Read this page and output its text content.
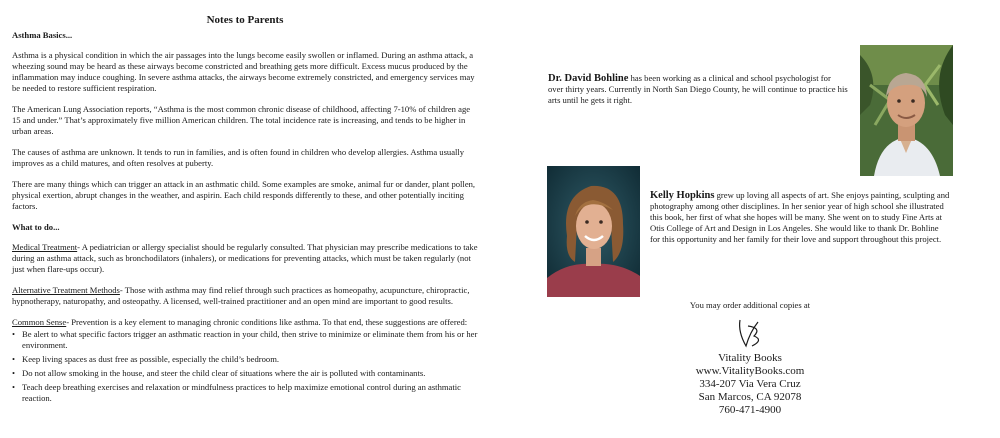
Notes to Parents
Asthma Basics...

Asthma is a physical condition in which the air passages into the lungs become easily swollen or inflamed. During an asthma attack, a wheezing sound may be heard as these airways become constricted and breathing gets more difficult. Excess mucus produced by the inflammation may induce coughing. In severe asthma attacks, the airways become extremely constricted, and emergency services may be needed to restore sufficient respiration.

The American Lung Association reports, “Asthma is the most common chronic disease of childhood, affecting 7-10% of children age 15 and under.” That’s approximately five million American children. The total incidence rate is increasing, and tends to be higher in urban areas.

The causes of asthma are unknown. It tends to run in families, and is often found in children who develop allergies. Asthma usually improves as a child matures, and often resolves at puberty.

There are many things which can trigger an attack in an asthmatic child. Some examples are smoke, animal fur or dander, plant pollen, physical exertion, abrupt changes in the weather, and aspirin. Each child responds differently to these, and other potentially inciting factors.

What to do...

Medical Treatment- A pediatrician or allergy specialist should be regularly consulted. That physician may prescribe medications to take during an asthma attack, such as bronchodilators (inhalers), or medications for preventing attacks, which must be taken regularly (not just when flare-ups occur).

Alternative Treatment Methods- Those with asthma may find relief through such practices as homeopathy, acupuncture, chiropractic, hypnotherapy, naturopathy, and osteopathy. A licensed, well-trained practitioner and an open mind are important to good results.

Common Sense- Prevention is a key element to managing chronic conditions like asthma. To that end, these suggestions are offered:

• Be alert to what specific factors trigger an asthmatic reaction in your child, then strive to minimize or eliminate them from his or her environment.
• Keep living spaces as dust free as possible, especially the child’s bedroom.
• Do not allow smoking in the house, and steer the child clear of situations where the air is polluted with contaminants.
• Teach deep breathing exercises and relaxation or mindfulness practices to help maximize emotional control during an asthmatic reaction.
Dr. David Bohline has been working as a clinical and school psychologist for over thirty years. Currently in North San Diego County, he will continue to practice his arts until he gets it right.
Kelly Hopkins grew up loving all aspects of art. She enjoys painting, sculpting and photography among other disciplines. In her senior year of high school she illustrated this book, her first of what she hopes will be many. She went on to study Fine Arts at Otis College of Art and Design in Los Angeles. She would like to thank Dr. Bohline for this opportunity and her family for their love and support throughout this project.
You may order additional copies at
Vitality Books
www.VitalityBooks.com
334-207 Via Vera Cruz
San Marcos, CA 92078
760-471-4900
